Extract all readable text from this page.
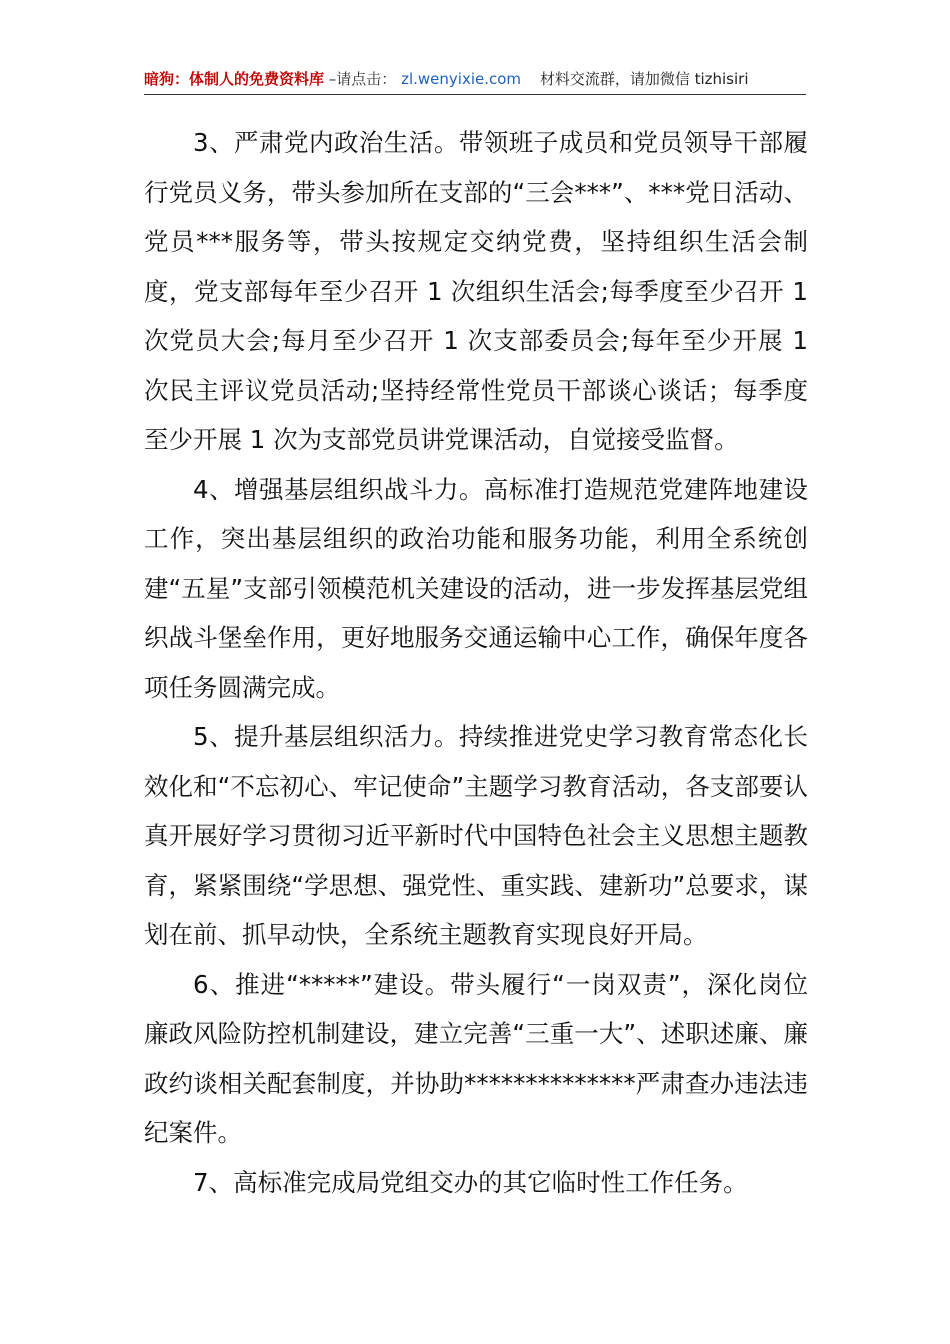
暗狗：体制人的免费资料库 –请点击： zl.wenyixie.com 材料交流群，请加微信 tizhisiri

3、严肃党内政治生活。带领班子成员和党员领导干部履行党员义务，带头参加所在支部的“三会***”、***党日活动、党员***服务等，带头按规定交纳党费，坚持组织生活会制度，党支部每年至少召开 1 次组织生活会;每季度至少召开 1 次党员大会;每月至少召开 1 次支部委员会;每年至少开展 1 次民主评议党员活动;坚持经常性党员干部谈心谈话；每季度至少开展 1 次为支部党员讲党课活动，自觉接受监督。

4、增强基层组织战斗力。高标准打造规范党建阵地建设工作，突出基层组织的政治功能和服务功能，利用全系统创建“五星”支部引领模范机关建设的活动，进一步发挥基层党组织战斗堡垒作用，更好地服务交通运输中心工作，确保年度各项任务圆满完成。

5、提升基层组织活力。持续推进党史学习教育常态化长效化和“不忘初心、牢记使命”主题学习教育活动，各支部要认真开展好学习贯彻习近平新时代中国特色社会主义思想主题教育，紧紧围绕“学思想、强党性、重实践、建新功”总要求，谋划在前、抓早动快，全系统主题教育实现良好开局。

6、推进“*****”建设。带头履行“一岗双责”，深化岗位廉政风险防控机制建设，建立完善“三重一大”、述职述廉、廉政约谈相关配套制度，并协助**************严肃查办违法违纪案件。

7、高标准完成局党组交办的其它临时性工作任务。
